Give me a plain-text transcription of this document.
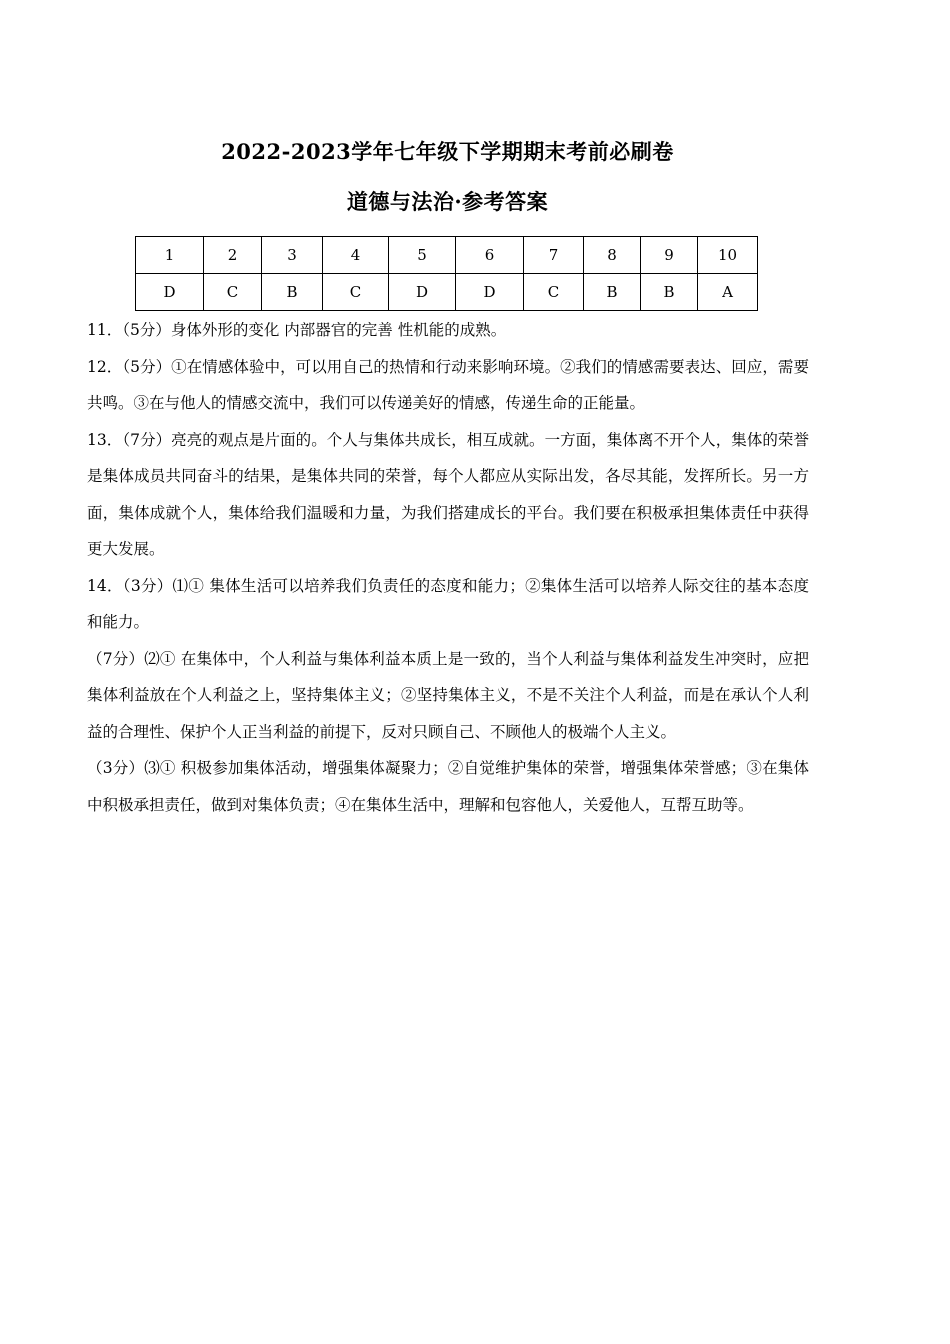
2022-2023学年七年级下学期期末考前必刷卷
道德与法治·参考答案
1	2	3	4	5	6	7	8	9	10
D	C	B	C	D	D	C	B	B	A

11．（5分）身体外形的变化 内部器官的完善 性机能的成熟。

12．（5分）①在情感体验中，可以用自己的热情和行动来影响环境。②我们的情感需要表达、回应，需要共鸣。③在与他人的情感交流中，我们可以传递美好的情感，传递生命的正能量。

13．（7分）亮亮的观点是片面的。个人与集体共成长，相互成就。一方面，集体离不开个人，集体的荣誉是集体成员共同奋斗的结果，是集体共同的荣誉，每个人都应从实际出发，各尽其能，发挥所长。另一方面，集体成就个人，集体给我们温暖和力量，为我们搭建成长的平台。我们要在积极承担集体责任中获得更大发展。

14．（3分）⑴① 集体生活可以培养我们负责任的态度和能力；②集体生活可以培养人际交往的基本态度和能力。

（7分）⑵① 在集体中，个人利益与集体利益本质上是一致的，当个人利益与集体利益发生冲突时，应把集体利益放在个人利益之上，坚持集体主义；②坚持集体主义，不是不关注个人利益，而是在承认个人利益的合理性、保护个人正当利益的前提下，反对只顾自己、不顾他人的极端个人主义。

（3分）⑶① 积极参加集体活动，增强集体凝聚力；②自觉维护集体的荣誉，增强集体荣誉感；③在集体中积极承担责任，做到对集体负责；④在集体生活中，理解和包容他人，关爱他人，互帮互助等。
